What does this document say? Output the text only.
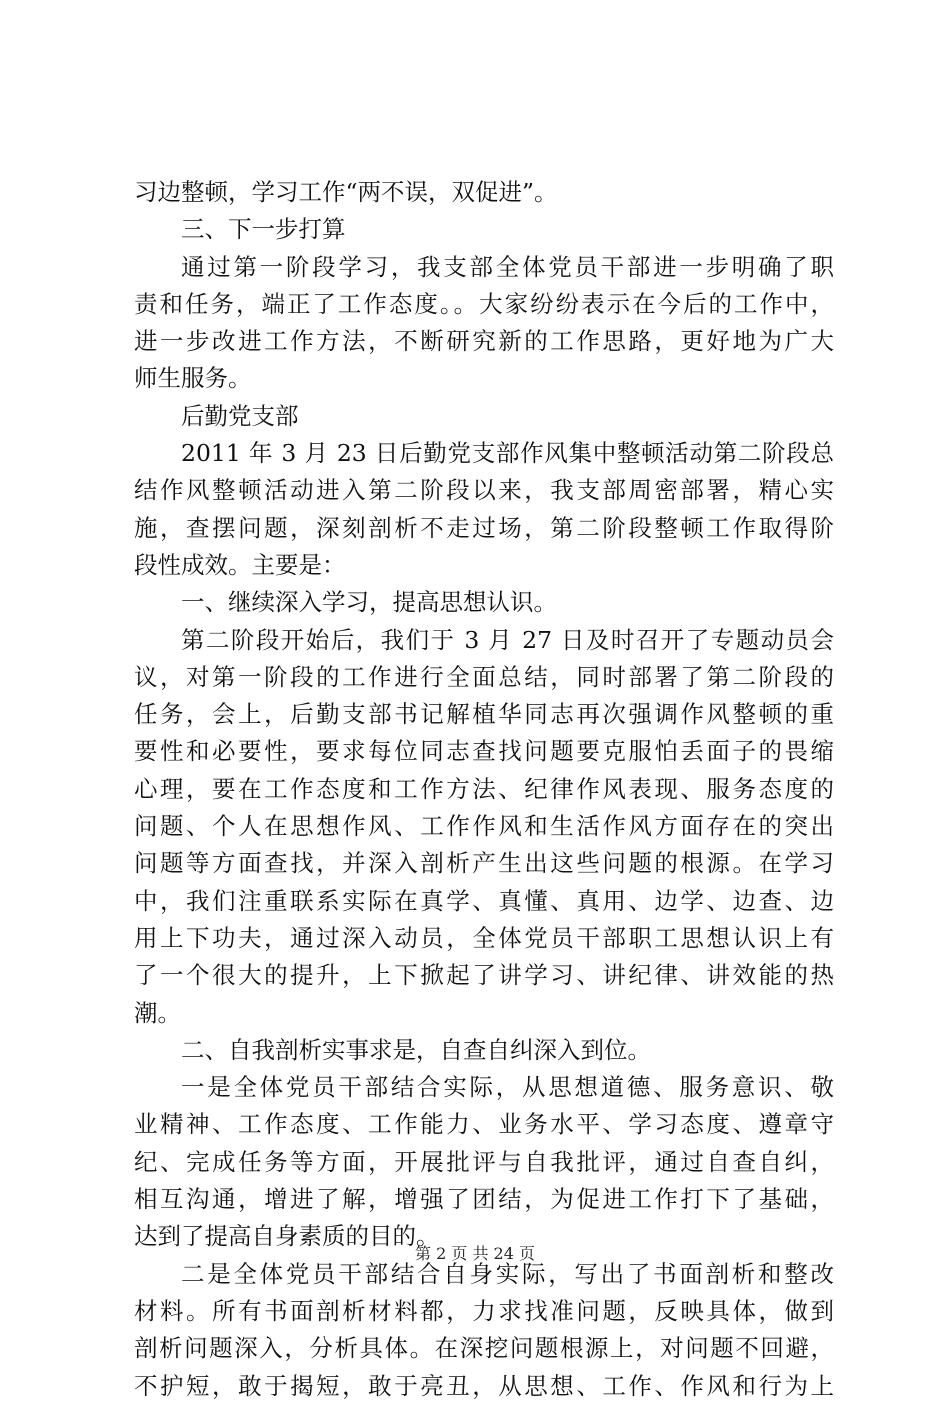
习边整顿，学习工作“两不误，双促进”。
三、下一步打算
通过第一阶段学习，我支部全体党员干部进一步明确了职
责和任务，端正了工作态度。。大家纷纷表示在今后的工作中，
进一步改进工作方法，不断研究新的工作思路，更好地为广大
师生服务。
后勤党支部
2011 年 3 月 23 日后勤党支部作风集中整顿活动第二阶段总
结作风整顿活动进入第二阶段以来，我支部周密部署，精心实
施，查摆问题，深刻剖析不走过场，第二阶段整顿工作取得阶
段性成效。主要是：
一、继续深入学习，提高思想认识。
第二阶段开始后，我们于 3 月 27 日及时召开了专题动员会
议，对第一阶段的工作进行全面总结，同时部署了第二阶段的
任务，会上，后勤支部书记解植华同志再次强调作风整顿的重
要性和必要性，要求每位同志查找问题要克服怕丢面子的畏缩
心理，要在工作态度和工作方法、纪律作风表现、服务态度的
问题、个人在思想作风、工作作风和生活作风方面存在的突出
问题等方面查找，并深入剖析产生出这些问题的根源。在学习
中，我们注重联系实际在真学、真懂、真用、边学、边查、边
用上下功夫，通过深入动员，全体党员干部职工思想认识上有
了一个很大的提升，上下掀起了讲学习、讲纪律、讲效能的热
潮。
二、自我剖析实事求是，自查自纠深入到位。
一是全体党员干部结合实际，从思想道德、服务意识、敬
业精神、工作态度、工作能力、业务水平、学习态度、遵章守
纪、完成任务等方面，开展批评与自我批评，通过自查自纠，
相互沟通，增进了解，增强了团结，为促进工作打下了基础，
达到了提高自身素质的目的。
二是全体党员干部结合自身实际，写出了书面剖析和整改
材料。所有书面剖析材料都，力求找准问题，反映具体，做到
剖析问题深入，分析具体。在深挖问题根源上，对问题不回避，
不护短，敢于揭短，敢于亮丑，从思想、工作、作风和行为上
第 2 页 共 24 页
